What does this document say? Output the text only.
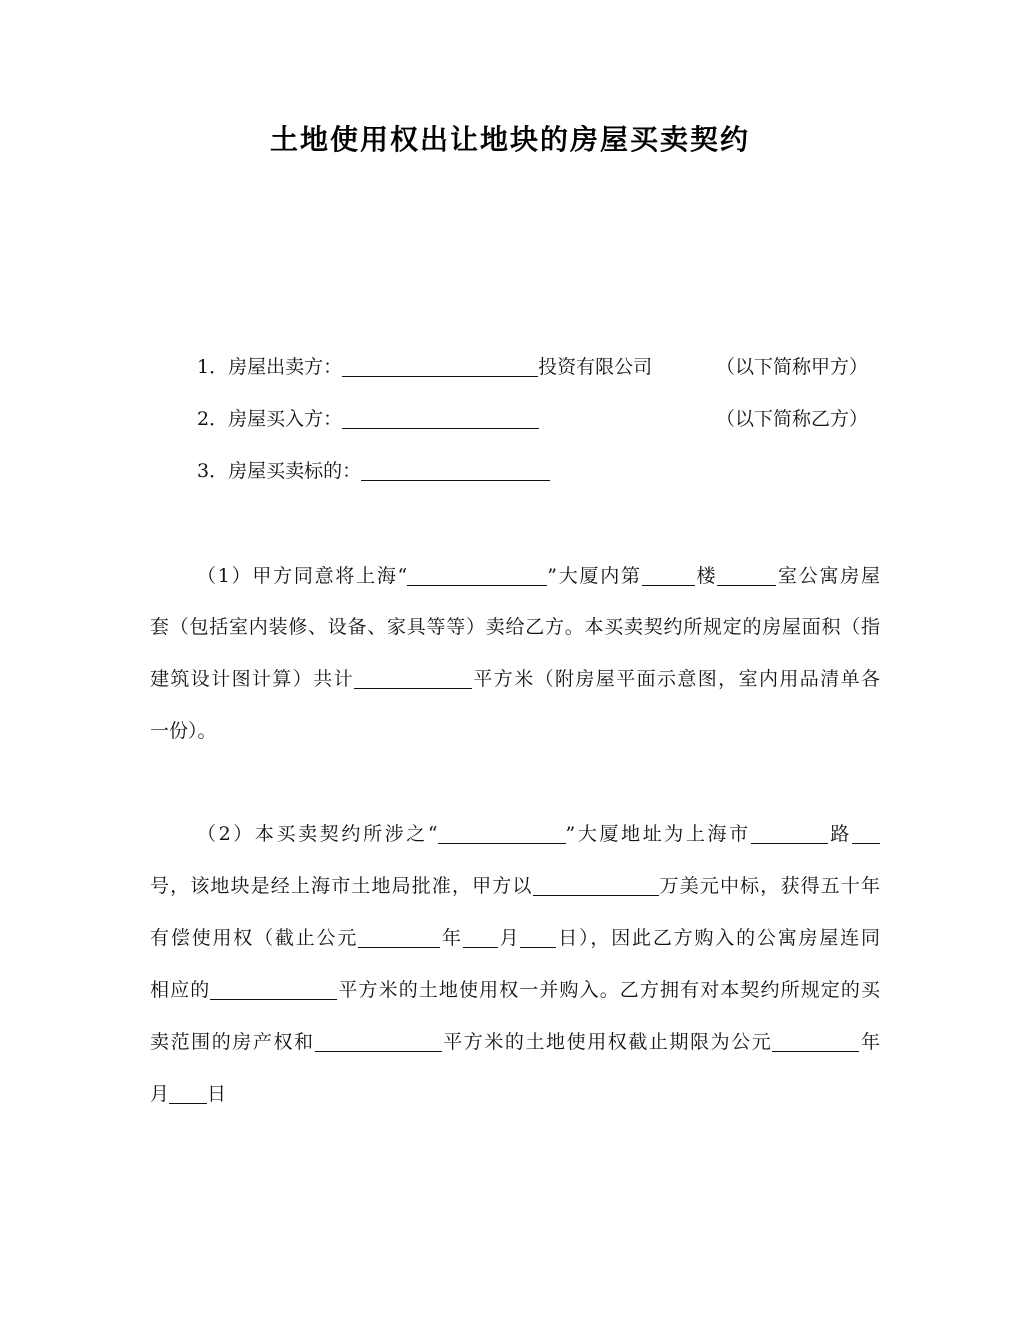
土地使用权出让地块的房屋买卖契约
1．房屋出卖方：	投资有限公司	（以下简称甲方）
2．房屋买入方：	（以下简称乙方）
3．房屋买卖标的：
（1）甲方同意将上海“	”大厦内第	楼	室公寓房屋
套（包括室内装修、设备、家具等等）卖给乙方。本买卖契约所规定的房屋面积（指
建筑设计图计算）共计	平方米（附房屋平面示意图，室内用品清单各
一份）。
（2）本买卖契约所涉之“	”大厦地址为上海市	路
号，该地块是经上海市土地局批准，甲方以	万美元中标，获得五十年
有偿使用权（截止公元	年 月 日），因此乙方购入的公寓房屋连同
相应的	平方米的土地使用权一并购入。乙方拥有对本契约所规定的买
卖范围的房产权和	平方米的土地使用权截止期限为公元	年
月 日
